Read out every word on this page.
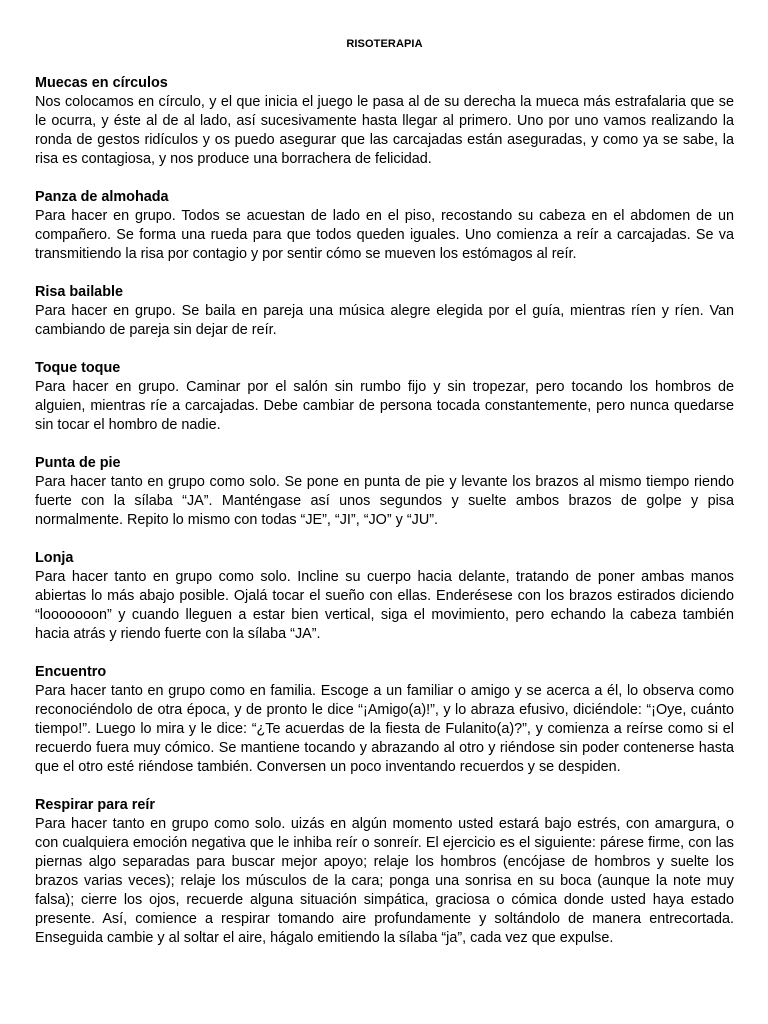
RISOTERAPIA
Muecas en círculos

Nos colocamos en círculo, y el que inicia el juego le pasa al de su derecha la mueca más estrafalaria que se le ocurra, y éste al de al lado, así sucesivamente hasta llegar al primero. Uno por uno vamos realizando la ronda de gestos ridículos y os puedo asegurar que las carcajadas están aseguradas, y como ya se sabe, la risa es contagiosa, y nos produce una borrachera de felicidad.

Panza de almohada

Para hacer en grupo. Todos se acuestan de lado en el piso, recostando su cabeza en el abdomen de un compañero. Se forma una rueda para que todos queden iguales. Uno comienza a reír a carcajadas. Se va transmitiendo la risa por contagio y por sentir cómo se mueven los estómagos al reír.

Risa bailable

Para hacer en grupo. Se baila en pareja una música alegre elegida por el guía, mientras ríen y ríen. Van cambiando de pareja sin dejar de reír.

Toque toque

Para hacer en grupo. Caminar por el salón sin rumbo fijo y sin tropezar, pero tocando los hombros de alguien, mientras ríe a carcajadas. Debe cambiar de persona tocada constantemente, pero nunca quedarse sin tocar el hombro de nadie.

Punta de pie

Para hacer tanto en grupo como solo. Se pone en punta de pie y levante los brazos al mismo tiempo riendo fuerte con la sílaba “JA”. Manténgase así unos segundos y suelte ambos brazos de golpe y pisa normalmente. Repito lo mismo con todas “JE”, “JI”, “JO” y “JU”.

Lonja

Para hacer tanto en grupo como solo. Incline su cuerpo hacia delante, tratando de poner ambas manos abiertas lo más abajo posible. Ojalá tocar el sueño con ellas. Enderésese con los brazos estirados diciendo “looooooon” y cuando lleguen a estar bien vertical, siga el movimiento, pero echando la cabeza también hacia atrás y riendo fuerte con la sílaba “JA”.

Encuentro

Para hacer tanto en grupo como en familia. Escoge a un familiar o amigo y se acerca a él, lo observa como reconociéndolo de otra época, y de pronto le dice “¡Amigo(a)!”, y lo abraza efusivo, diciéndole: “¡Oye, cuánto tiempo!”. Luego lo mira y le dice: “¿Te acuerdas de la fiesta de Fulanito(a)?”, y comienza a reírse como si el recuerdo fuera muy cómico. Se mantiene tocando y abrazando al otro y riéndose sin poder contenerse hasta que el otro esté riéndose también. Conversen un poco inventando recuerdos y se despiden.

Respirar para reír

Para hacer tanto en grupo como solo. uizás en algún momento usted estará bajo estrés, con amargura, o con cualquiera emoción negativa que le inhiba reír o sonreír. El ejercicio es el siguiente: párese firme, con las piernas algo separadas para buscar mejor apoyo; relaje los hombros (encójase de hombros y suelte los brazos varias veces); relaje los músculos de la cara; ponga una sonrisa en su boca (aunque la note muy falsa); cierre los ojos, recuerde alguna situación simpática, graciosa o cómica donde usted haya estado presente. Así, comience a respirar tomando aire profundamente y soltándolo de manera entrecortada. Enseguida cambie y al soltar el aire, hágalo emitiendo la sílaba “ja”, cada vez que expulse.
